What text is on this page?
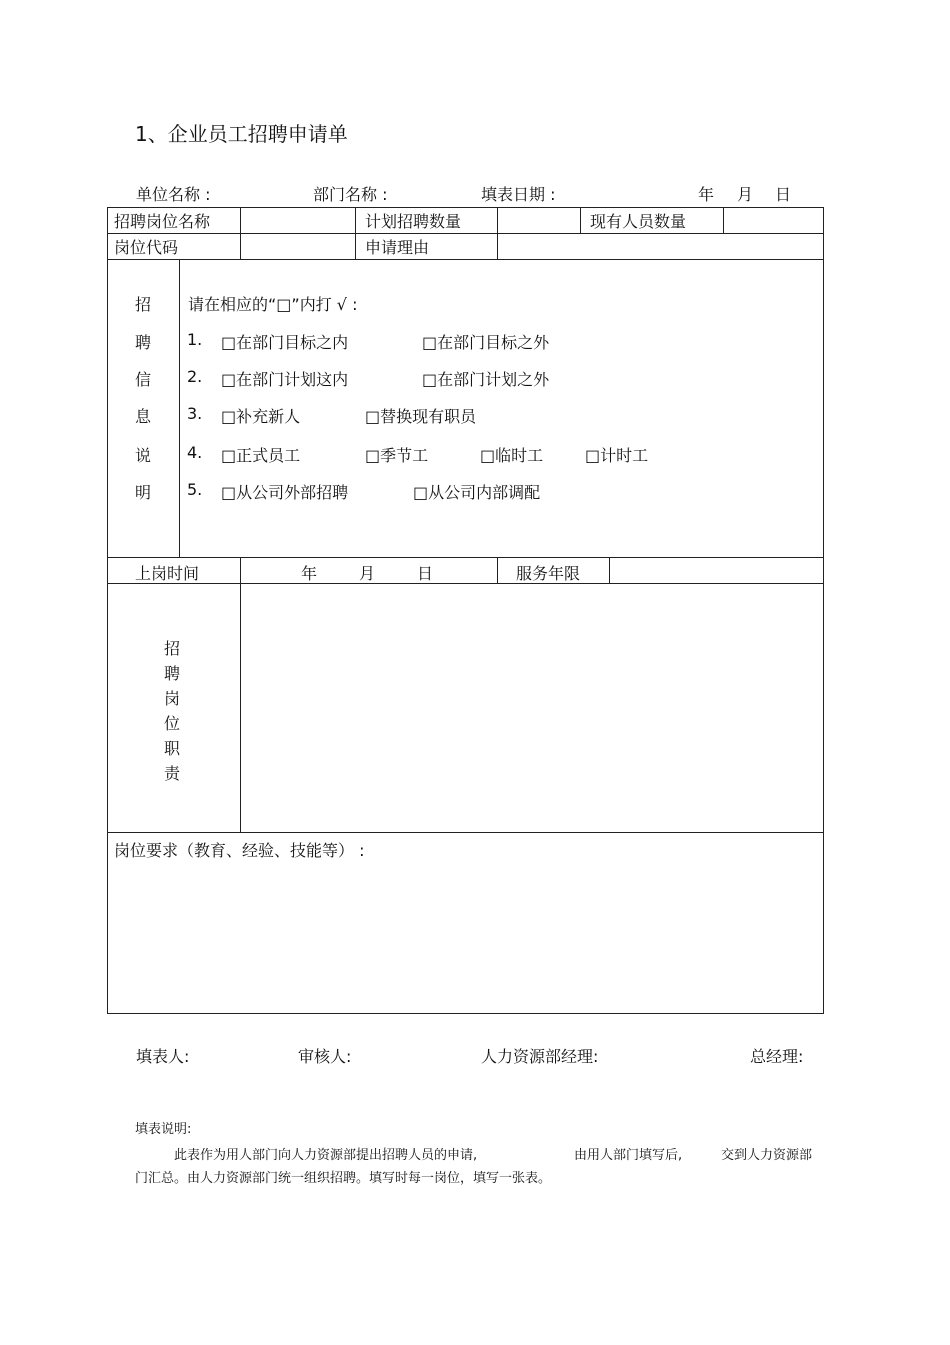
1、企业员工招聘申请单
单位名称 :	部门名称 :	填表日期 :	年 月 日
招聘岗位名称	计划招聘数量	现有人员数量
岗位代码	申请理由
招
聘
信
息
说
明
请在相应的“□”内打 √ :
1. □在部门目标之内	□在部门目标之外
2. □在部门计划这内	□在部门计划之外
3. □补充新人	□替换现有职员
4. □正式员工	□季节工	□临时工	□计时工
5. □从公司外部招聘	□从公司内部调配
上岗时间	年	月	日	服务年限
招
聘
岗
位
职
责
岗位要求（教育、经验、技能等） :
填表人:	审核人:	人力资源部经理:	总经理:
填表说明:
此表作为用人部门向人力资源部提出招聘人员的申请,	由用人部门填写后,	交到人力资源部
门汇总。由人力资源部门统一组织招聘。填写时每一岗位，填写一张表。
